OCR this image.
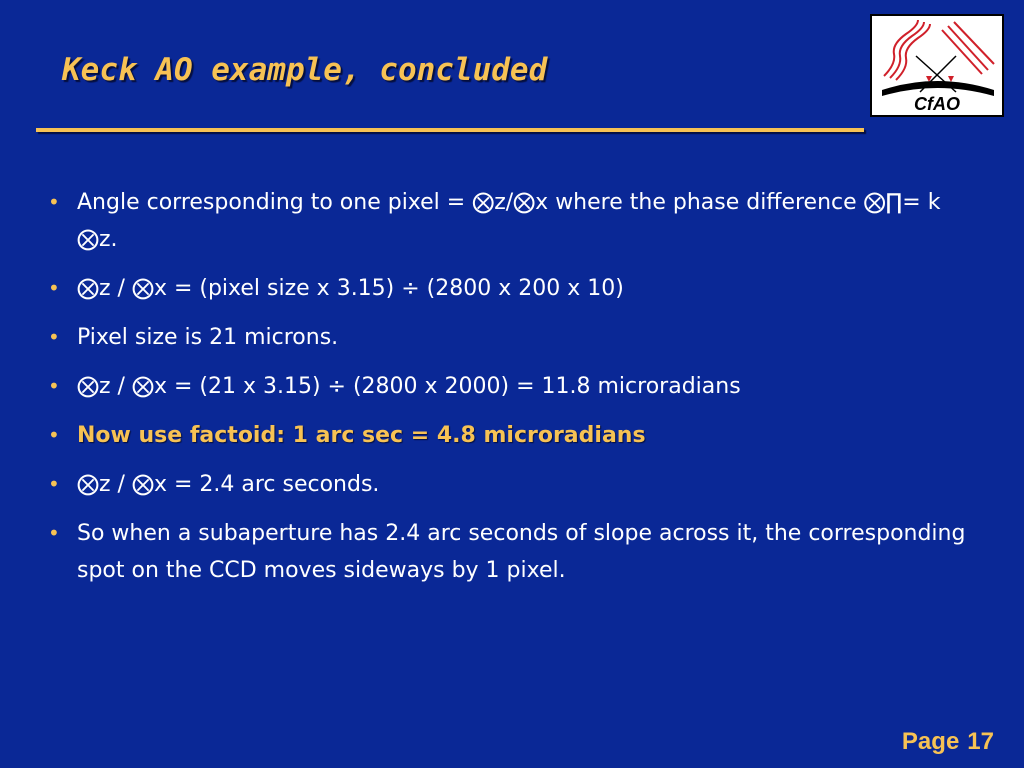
Keck AO example, concluded
CfAO
• Angle corresponding to one pixel = ⨂z/⨂x where the phase difference ⨂∏= k ⨂z.
• ⨂z / ⨂x = (pixel size x 3.15) ÷ (2800 x 200 x 10)
• Pixel size is 21 microns.
• ⨂z / ⨂x = (21 x 3.15) ÷ (2800 x 2000) = 11.8 microradians
• Now use factoid: 1 arc sec = 4.8 microradians
• ⨂z / ⨂x = 2.4 arc seconds.
• So when a subaperture has 2.4 arc seconds of slope across it, the corresponding spot on the CCD moves sideways by 1 pixel.
Page 17
